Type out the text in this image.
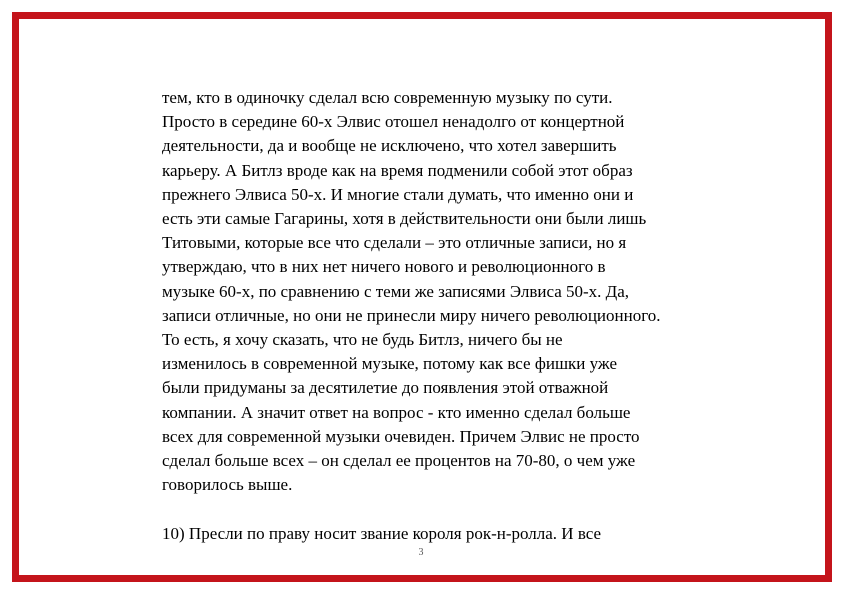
тем, кто в одиночку сделал всю современную музыку по сути.
Просто в середине 60-х Элвис отошел ненадолго от концертной
деятельности, да и вообще не исключено, что хотел завершить
карьеру. А Битлз вроде как на время подменили собой этот образ
прежнего Элвиса 50-х. И многие стали думать, что именно они и
есть эти самые Гагарины, хотя в действительности они были лишь
Титовыми, которые все что сделали – это отличные записи, но я
утверждаю, что в них нет ничего нового и революционного в
музыке 60-х, по сравнению с теми же записями Элвиса 50-х. Да,
записи отличные, но они не принесли миру ничего революционного.
То есть, я хочу сказать, что не будь Битлз, ничего бы не
изменилось в современной музыке, потому как все фишки уже
были придуманы за десятилетие до появления этой отважной
компании. А значит ответ на вопрос - кто именно сделал больше
всех для современной музыки очевиден. Причем Элвис не просто
сделал больше всех – он сделал ее процентов на 70-80, о чем уже
говорилось выше.
10) Пресли по праву носит звание короля рок-н-ролла. И все
3
